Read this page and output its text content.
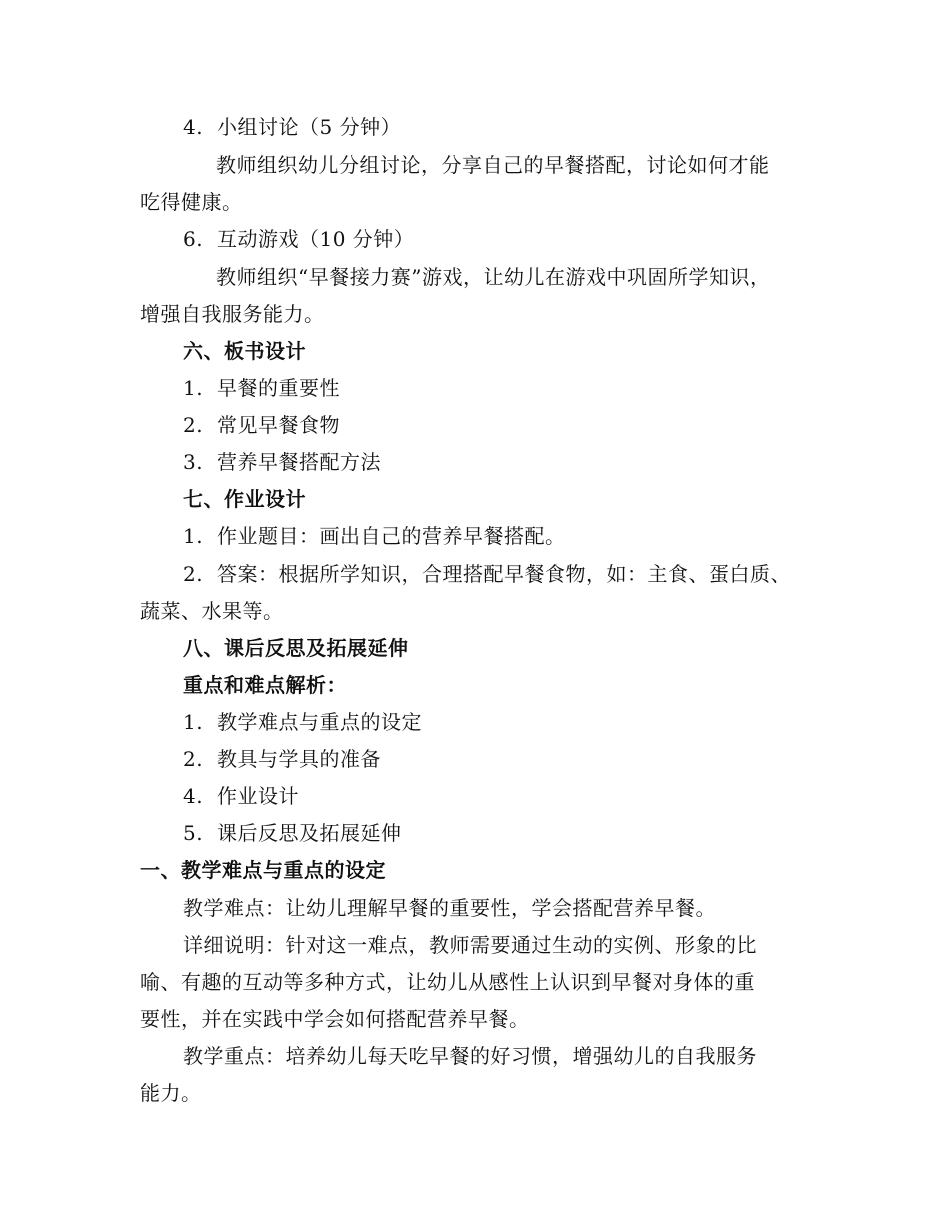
4. 小组讨论（5 分钟）
教师组织幼儿分组讨论，分享自己的早餐搭配，讨论如何才能
吃得健康。
6. 互动游戏（10 分钟）
教师组织“早餐接力赛”游戏，让幼儿在游戏中巩固所学知识，
增强自我服务能力。
六、板书设计
1. 早餐的重要性
2. 常见早餐食物
3. 营养早餐搭配方法
七、作业设计
1. 作业题目：画出自己的营养早餐搭配。
2. 答案：根据所学知识，合理搭配早餐食物，如：主食、蛋白质、
蔬菜、水果等。
八、课后反思及拓展延伸
重点和难点解析：
1. 教学难点与重点的设定
2. 教具与学具的准备
4. 作业设计
5. 课后反思及拓展延伸
一、教学难点与重点的设定
教学难点：让幼儿理解早餐的重要性，学会搭配营养早餐。
详细说明：针对这一难点，教师需要通过生动的实例、形象的比
喻、有趣的互动等多种方式，让幼儿从感性上认识到早餐对身体的重
要性，并在实践中学会如何搭配营养早餐。
教学重点：培养幼儿每天吃早餐的好习惯，增强幼儿的自我服务
能力。
